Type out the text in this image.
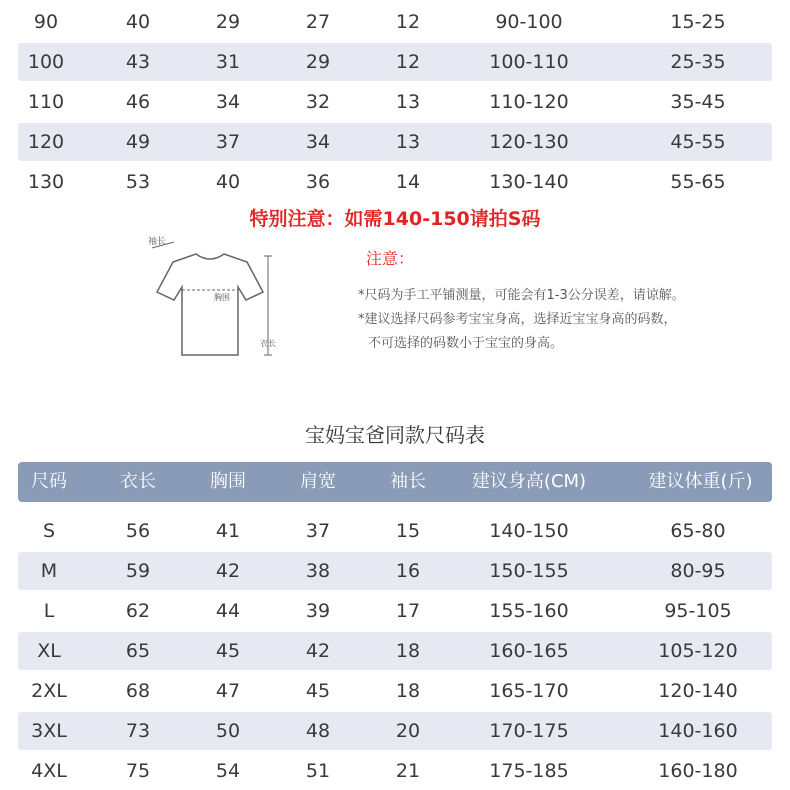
90	40	29	27	12	90-100	15-25
100	43	31	29	12	100-110	25-35
110	46	34	32	13	110-120	35-45
120	49	37	34	13	120-130	45-55
130	53	40	36	14	130-140	55-65
特别注意：如需140-150请拍S码
袖长
胸围
衣长
注意：
*尺码为手工平铺测量，可能会有1-3公分误差，请谅解。
*建议选择尺码参考宝宝身高，选择近宝宝身高的码数，
不可选择的码数小于宝宝的身高。
宝妈宝爸同款尺码表
尺码	衣长	胸围	肩宽	袖长	建议身高(CM)	建议体重(斤)
S	56	41	37	15	140-150	65-80
M	59	42	38	16	150-155	80-95
L	62	44	39	17	155-160	95-105
XL	65	45	42	18	160-165	105-120
2XL	68	47	45	18	165-170	120-140
3XL	73	50	48	20	170-175	140-160
4XL	75	54	51	21	175-185	160-180
